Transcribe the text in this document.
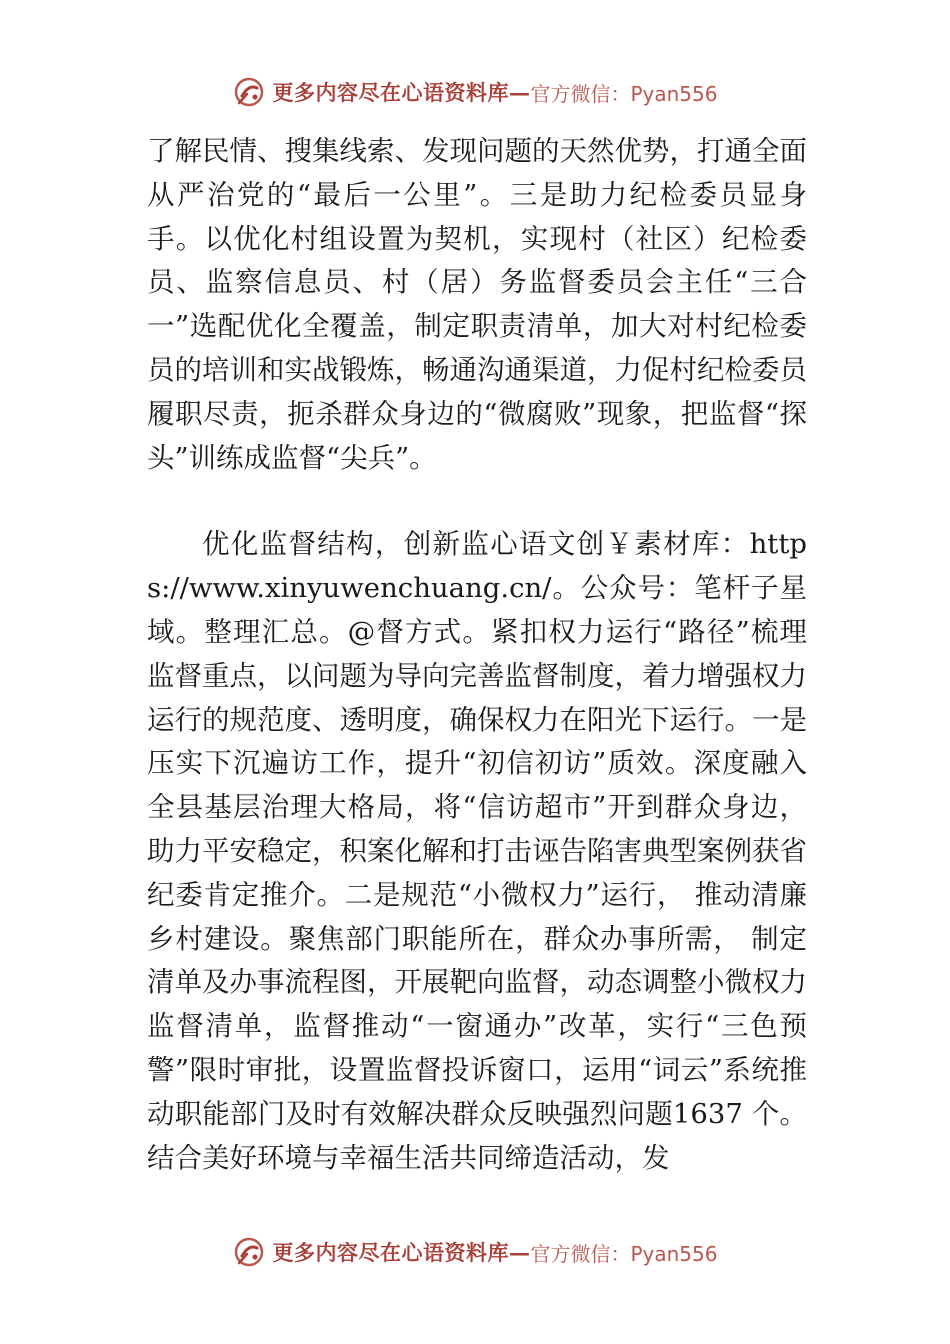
更多内容尽在心语资料库— 官方微信：Pyan556

了解民情、搜集线索、发现问题的天然优势，打通全面从严治党的“最后一公里”。三是助力纪检委员显身手。以优化村组设置为契机，实现村（社区）纪检委员、监察信息员、村（居）务监督委员会主任“三合一”选配优化全覆盖，制定职责清单，加大对村纪检委员的培训和实战锻炼，畅通沟通渠道，力促村纪检委员履职尽责，扼杀群众身边的“微腐败”现象，把监督“探头”训练成监督“尖兵”。

优化监督结构，创新监心语文创￥素材库：https://www.xinyuwenchuang.cn/。公众号：笔杆子星域。整理汇总。@督方式。紧扣权力运行“路径”梳理监督重点，以问题为导向完善监督制度，着力增强权力运行的规范度、透明度，确保权力在阳光下运行。一是压实下沉遍访工作，提升“初信初访”质效。深度融入全县基层治理大格局，将“信访超市”开到群众身边，助力平安稳定，积案化解和打击诬告陷害典型案例获省纪委肯定推介。二是规范“小微权力”运行， 推动清廉乡村建设。聚焦部门职能所在，群众办事所需， 制定清单及办事流程图，开展靶向监督，动态调整小微权力监督清单，监督推动“一窗通办”改革，实行“三色预警”限时审批，设置监督投诉窗口，运用“词云”系统推动职能部门及时有效解决群众反映强烈问题1637 个。结合美好环境与幸福生活共同缔造活动，发

更多内容尽在心语资料库— 官方微信：Pyan556
